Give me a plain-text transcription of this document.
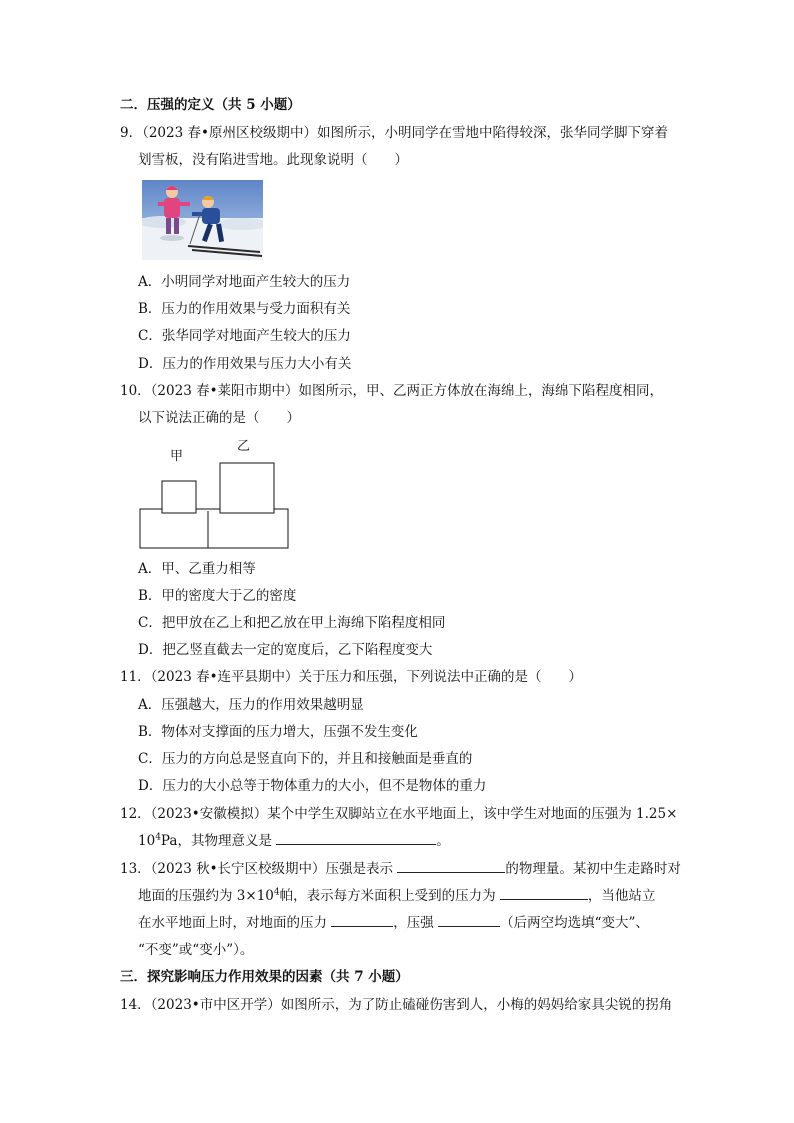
二．压强的定义（共 5 小题）
9．（2023 春•原州区校级期中）如图所示，小明同学在雪地中陷得较深，张华同学脚下穿着
划雪板，没有陷进雪地。此现象说明（　　）
A．小明同学对地面产生较大的压力
B．压力的作用效果与受力面积有关
C．张华同学对地面产生较大的压力
D．压力的作用效果与压力大小有关
10．（2023 春•莱阳市期中）如图所示，甲、乙两正方体放在海绵上，海绵下陷程度相同，
以下说法正确的是（　　）
甲
乙
A．甲、乙重力相等
B．甲的密度大于乙的密度
C．把甲放在乙上和把乙放在甲上海绵下陷程度相同
D．把乙竖直截去一定的宽度后，乙下陷程度变大
11．（2023 春•连平县期中）关于压力和压强，下列说法中正确的是（　　）
A．压强越大，压力的作用效果越明显
B．物体对支撑面的压力增大，压强不发生变化
C．压力的方向总是竖直向下的，并且和接触面是垂直的
D．压力的大小总等于物体重力的大小，但不是物体的重力
12．（2023•安徽模拟）某个中学生双脚站立在水平地面上，该中学生对地面的压强为 1.25×
$10^4Pa$，其物理意义是	。
13．（2023 秋•长宁区校级期中）压强是表示	的物理量。某初中生走路时对
地面的压强约为 $3\times 10^4$帕，表示每方米面积上受到的压力为	，当他站立
在水平地面上时，对地面的压力	，压强	（后两空均选填“变大”、
“不变”或“变小”）。
三．探究影响压力作用效果的因素（共 7 小题）
14．（2023•市中区开学）如图所示，为了防止磕碰伤害到人，小梅的妈妈给家具尖锐的拐角
